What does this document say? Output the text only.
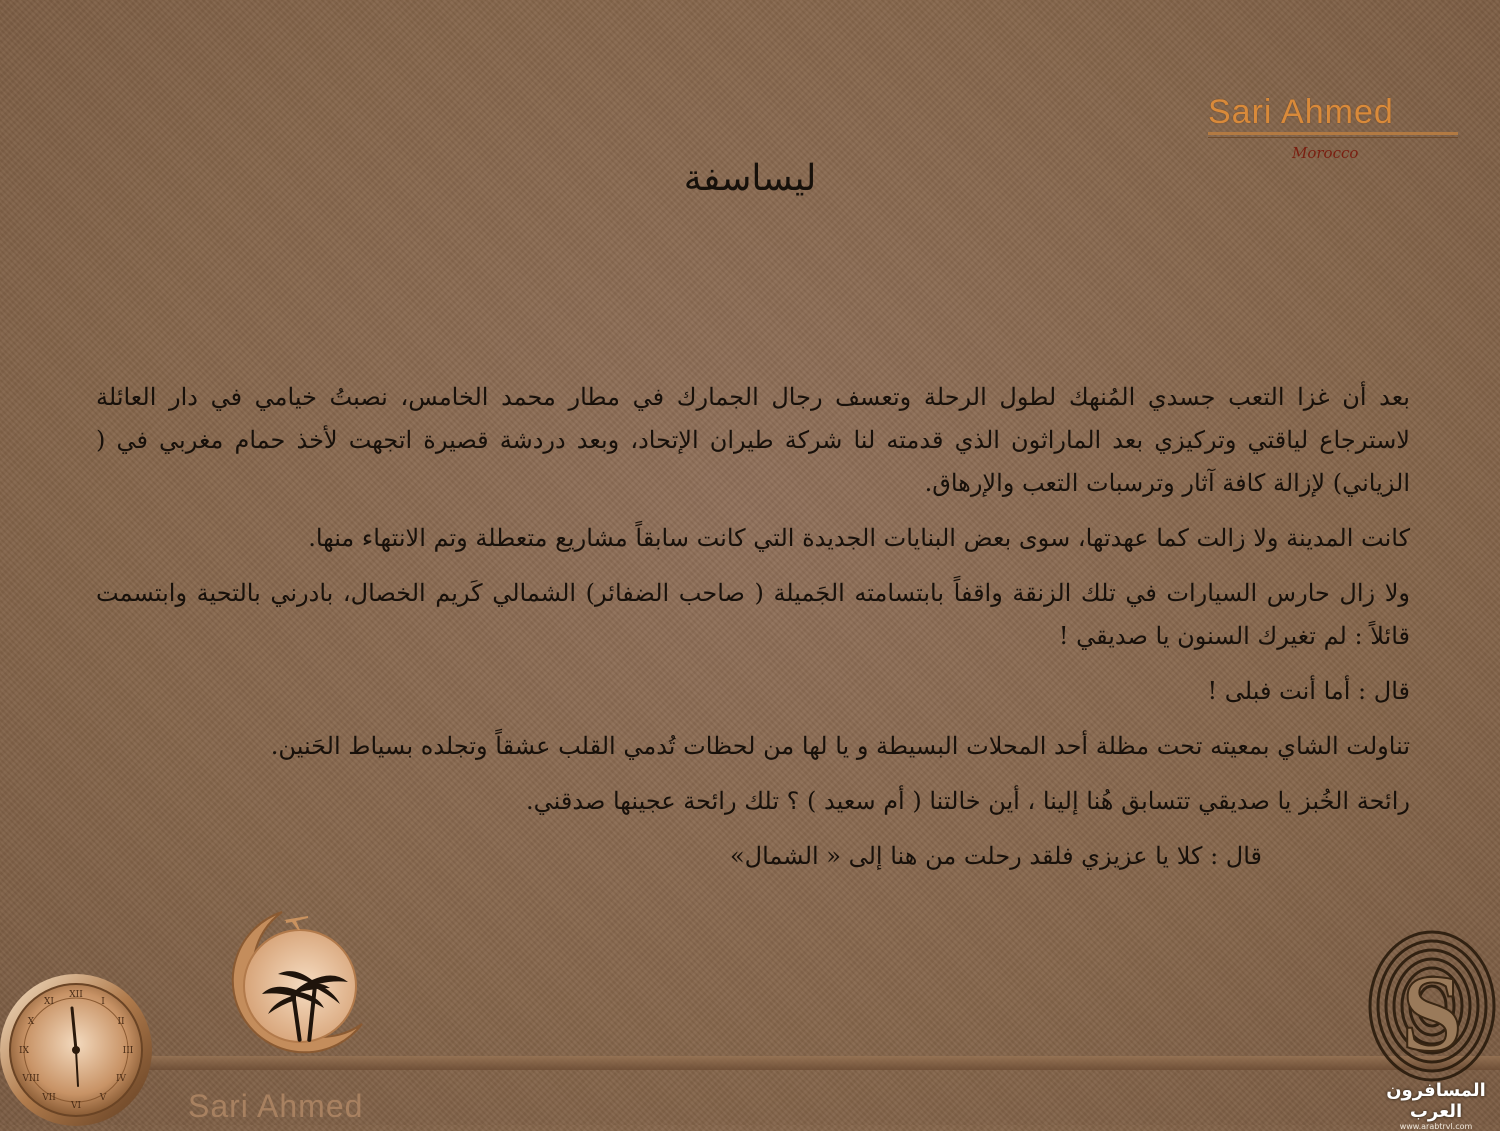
Sari Ahmed
Morocco
ليساسفة

بعد أن غزا التعب جسدي المُنهك لطول الرحلة وتعسف رجال الجمارك في مطار محمد الخامس، نصبتُ خيامي في دار العائلة لاسترجاع لياقتي وتركيزي بعد الماراثون الذي قدمته لنا شركة طيران الإتحاد، وبعد دردشة قصيرة اتجهت لأخذ حمام مغربي في ( الزياني) لإزالة كافة آثار وترسبات التعب والإرهاق.

كانت المدينة ولا زالت كما عهدتها، سوى بعض البنايات الجديدة التي كانت سابقاً مشاريع متعطلة وتم الانتهاء منها.

ولا زال حارس السيارات في تلك الزنقة واقفاً بابتسامته الجَميلة ( صاحب الضفائر) الشمالي كَريم الخصال، بادرني بالتحية وابتسمت قائلاً : لم تغيرك السنون يا صديقي !

قال : أما أنت فبلى !

تناولت الشاي بمعيته تحت مظلة أحد المحلات البسيطة و يا لها من لحظات تُدمي القلب عشقاً وتجلده بسياط الحَنين.

رائحة الخُبز يا صديقي تتسابق هُنا إلينا ، أين خالتنا ( أم سعيد ) ؟ تلك رائحة عجينها صدقني.

قال : كلا يا عزيزي فلقد رحلت من هنا إلى « الشمال»

XII
I
II
III
IV
V
VI
VII
VIII
IX
X
XI
Sari Ahmed
S
المسافرون العرب
www.arabtrvl.com
